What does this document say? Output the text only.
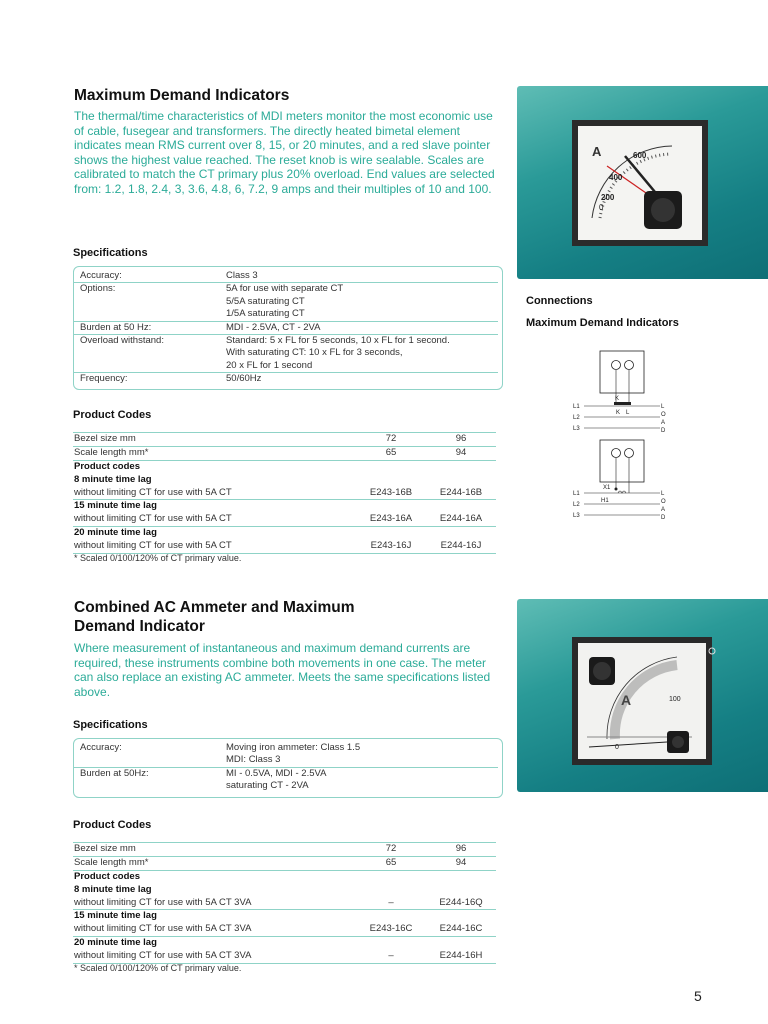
Maximum Demand Indicators
The thermal/time characteristics of MDI meters monitor the most economic use of cable, fusegear and transformers. The directly heated bimetal element indicates mean RMS current over 8, 15, or 20 minutes, and a red slave pointer shows the highest value reached. The reset knob is wire sealable. Scales are calibrated to match the CT primary plus 20% overload. End values are selected from: 1.2, 1.8, 2.4, 3, 3.6, 4.8, 6, 7.2, 9 amps and their multiples of 10 and 100.
Specifications
Accuracy:	Class 3
Options:	5A for use with separate CT
5/5A saturating CT
1/5A saturating CT
Burden at 50 Hz:	MDI - 2.5VA, CT - 2VA
Overload withstand:	Standard: 5 x FL for 5 seconds, 10 x FL for 1 second.
With saturating CT: 10 x FL for 3 seconds,
20 x FL for 1 second
Frequency:	50/60Hz
Product Codes
Bezel size mm	72	96
Scale length mm*	65	94
Product codes
8 minute time lag
without limiting CT for use with 5A CT	E243-16B	E244-16B
15 minute time lag
without limiting CT for use with 5A CT	E243-16A	E244-16A
20 minute time lag
without limiting CT for use with 5A CT	E243-16J	E244-16J
* Scaled 0/100/120% of CT primary value.
A
0
200
400
600
Connections
Maximum Demand Indicators
L1
L2
L3
K
K L
L
O
A
D
L1
L2
L3
X1
H1
L
O
A
D
Combined AC Ammeter and Maximum
Demand Indicator
Where measurement of instantaneous and maximum demand currents are required, these instruments combine both movements in one case. The meter can also replace an existing AC ammeter. Meets the same specifications listed above.
Specifications
Accuracy:	Moving iron ammeter: Class 1.5
MDI: Class 3
Burden at 50Hz:	MI - 0.5VA, MDI - 2.5VA
saturating CT - 2VA
Product Codes
Bezel size mm	72	96
Scale length mm*	65	94
Product codes
8 minute time lag
without limiting CT for use with 5A CT 3VA	–	E244-16Q
15 minute time lag
without limiting CT for use with 5A CT 3VA	E243-16C	E244-16C
20 minute time lag
without limiting CT for use with 5A CT 3VA	–	E244-16H
* Scaled 0/100/120% of CT primary value.
A
0
100
5
